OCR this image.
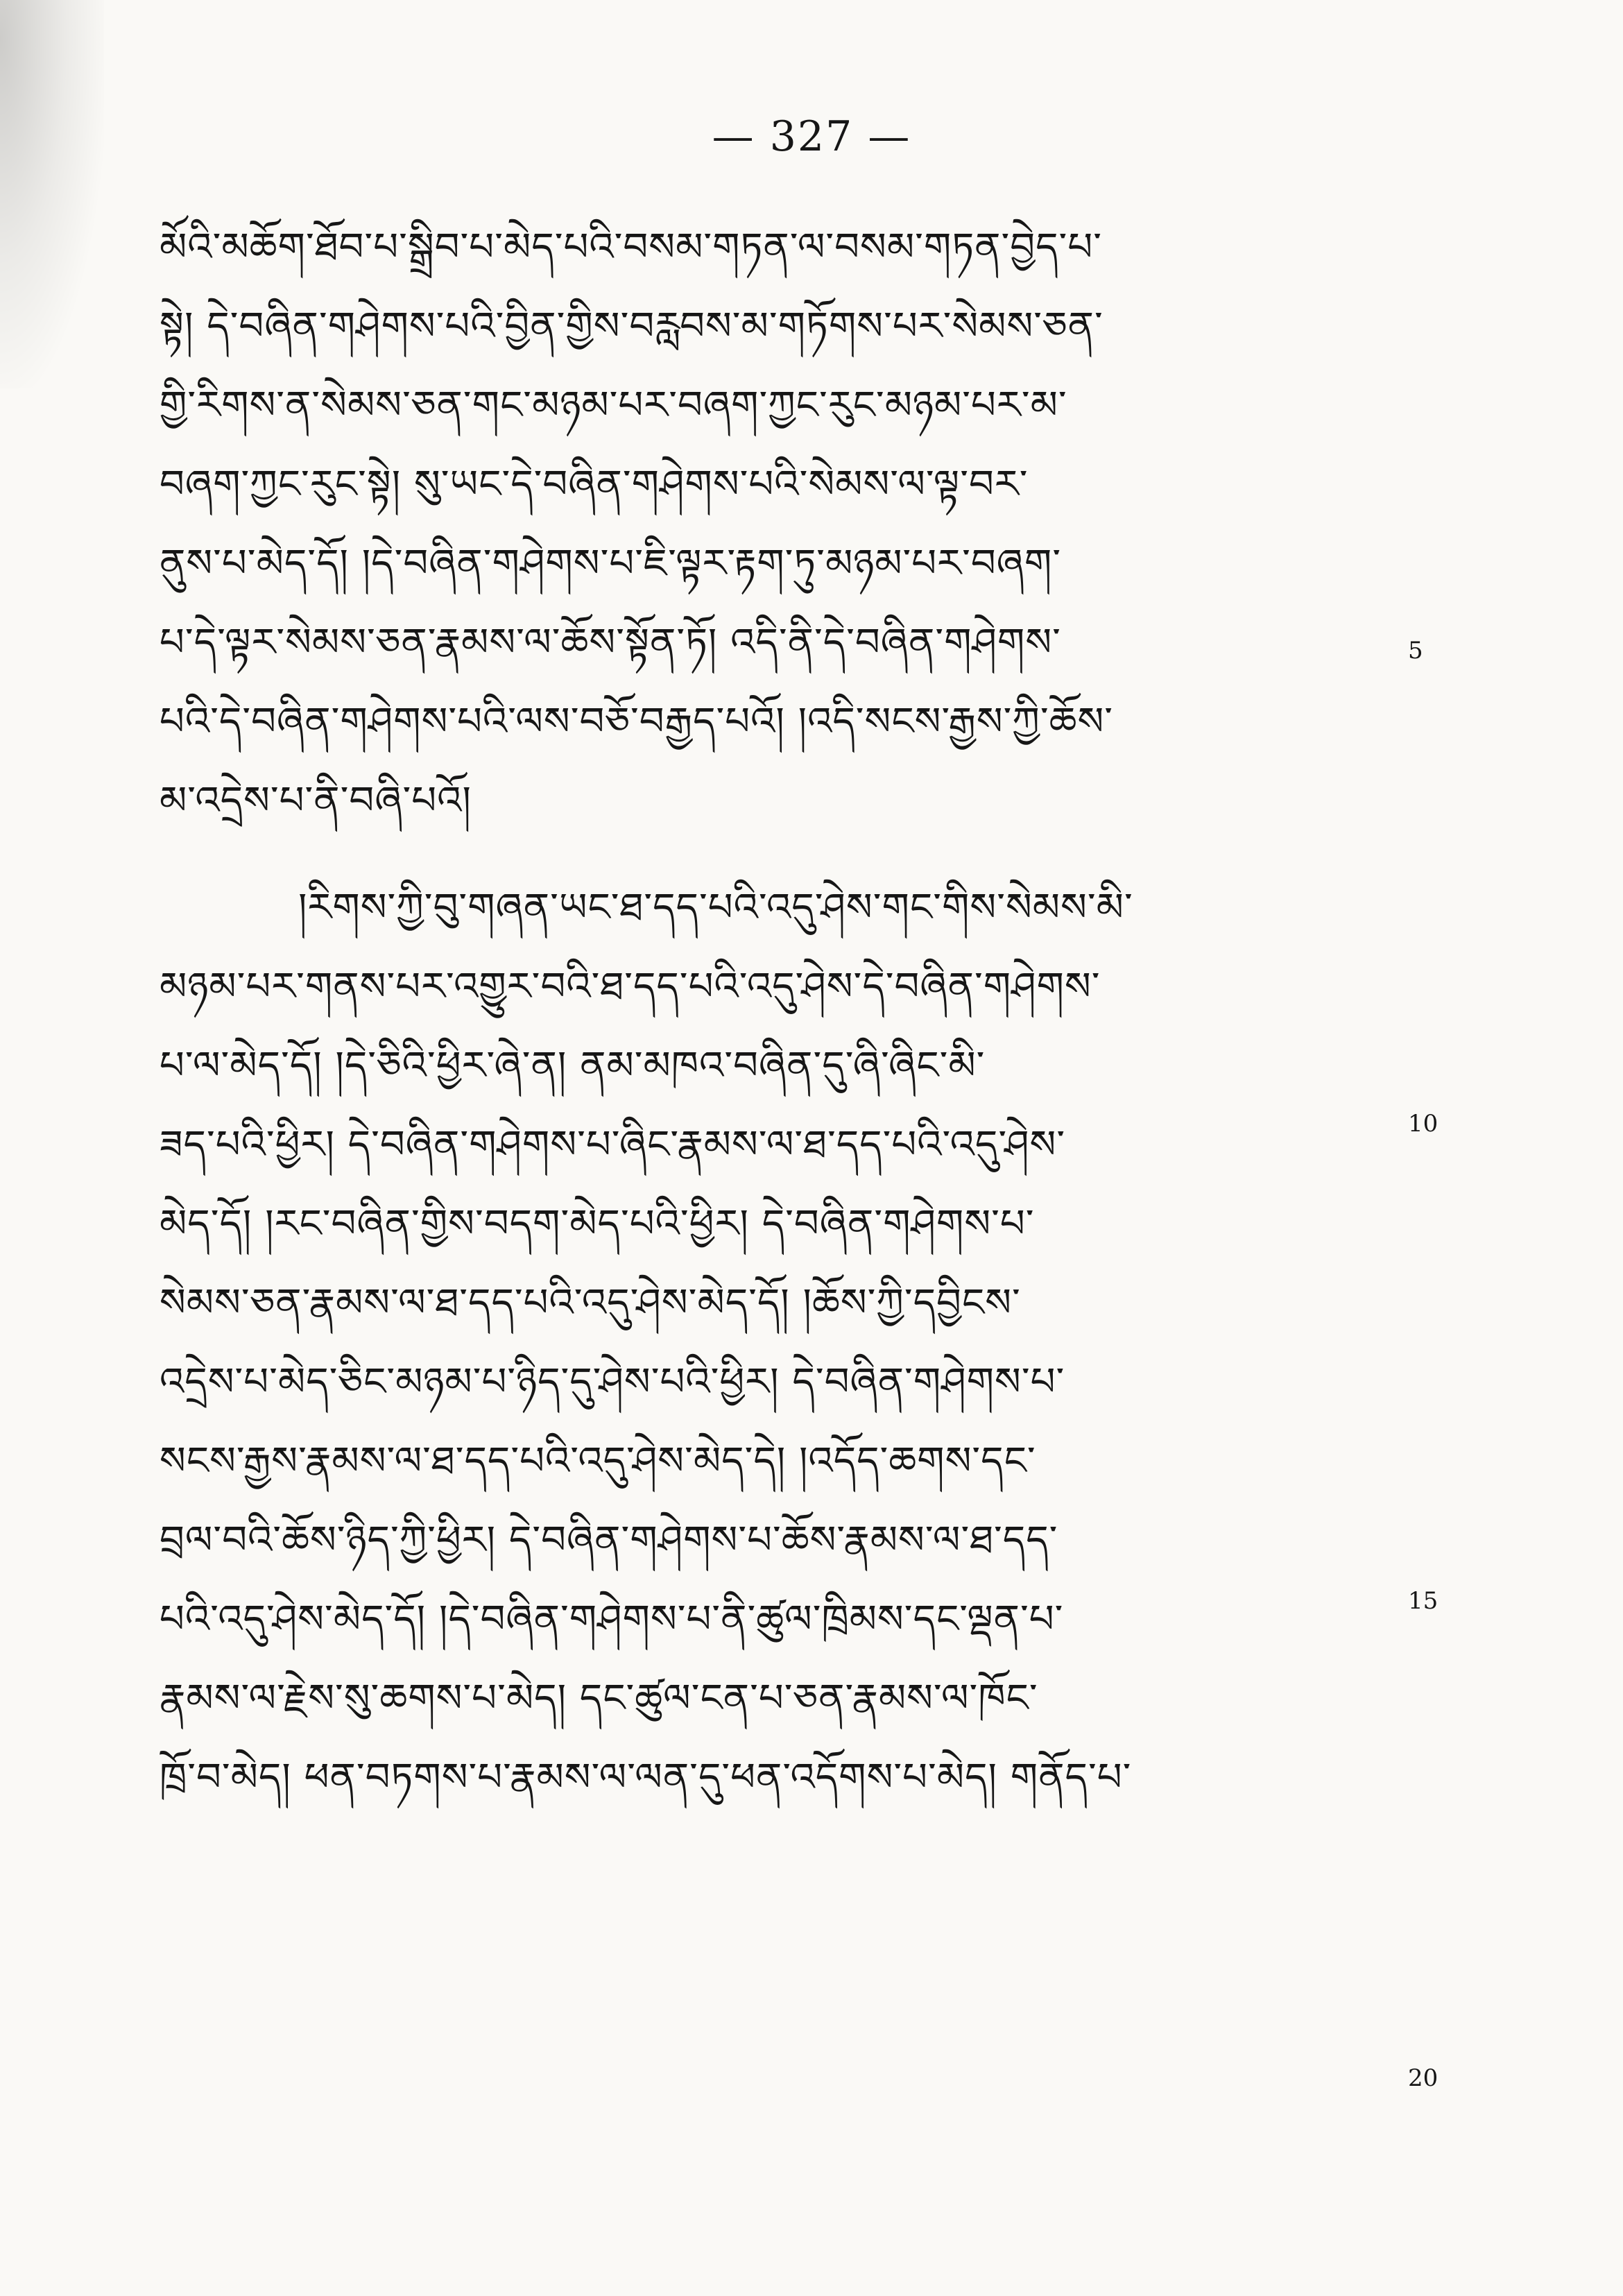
— 327 —
མོའི་མཆོག་ཐོབ་པ་སྒྲིབ་པ་མེད་པའི་བསམ་གཏན་ལ་བསམ་གཏན་བྱེད་པ་
སྟེ། དེ་བཞིན་གཤེགས་པའི་བྱིན་གྱིས་བརླབས་མ་གཏོགས་པར་སེམས་ཅན་
གྱི་རིགས་ན་སེམས་ཅན་གང་མཉམ་པར་བཞག་ཀྱང་རུང་མཉམ་པར་མ་
བཞག་ཀྱང་རུང་སྟེ། སུ་ཡང་དེ་བཞིན་གཤེགས་པའི་སེམས་ལ་ལྟ་བར་
ནུས་པ་མེད་དོ། །དེ་བཞིན་གཤེགས་པ་ཇི་ལྟར་རྟག་ཏུ་མཉམ་པར་བཞག་
པ་དེ་ལྟར་སེམས་ཅན་རྣམས་ལ་ཆོས་སྟོན་ཏོ། འདི་ནི་དེ་བཞིན་གཤེགས་
པའི་དེ་བཞིན་གཤེགས་པའི་ལས་བཅོ་བརྒྱད་པའོ། །འདི་སངས་རྒྱས་ཀྱི་ཆོས་
མ་འདྲེས་པ་ནི་བཞི་པའོ།
།རིགས་ཀྱི་བུ་གཞན་ཡང་ཐ་དད་པའི་འདུ་ཤེས་གང་གིས་སེམས་མི་
མཉམ་པར་གནས་པར་འགྱུར་བའི་ཐ་དད་པའི་འདུ་ཤེས་དེ་བཞིན་གཤེགས་
པ་ལ་མེད་དོ། །དེ་ཅིའི་ཕྱིར་ཞེ་ན། ནམ་མཁའ་བཞིན་དུ་ཞི་ཞིང་མི་
ཟད་པའི་ཕྱིར། དེ་བཞིན་གཤེགས་པ་ཞིང་རྣམས་ལ་ཐ་དད་པའི་འདུ་ཤེས་
མེད་དོ། །རང་བཞིན་གྱིས་བདག་མེད་པའི་ཕྱིར། དེ་བཞིན་གཤེགས་པ་
སེམས་ཅན་རྣམས་ལ་ཐ་དད་པའི་འདུ་ཤེས་མེད་དོ། །ཆོས་ཀྱི་དབྱིངས་
འདྲེས་པ་མེད་ཅིང་མཉམ་པ་ཉིད་དུ་ཤེས་པའི་ཕྱིར། དེ་བཞིན་གཤེགས་པ་
སངས་རྒྱས་རྣམས་ལ་ཐ་དད་པའི་འདུ་ཤེས་མེད་དེ། །འདོད་ཆགས་དང་
བྲལ་བའི་ཆོས་ཉིད་ཀྱི་ཕྱིར། དེ་བཞིན་གཤེགས་པ་ཆོས་རྣམས་ལ་ཐ་དད་
པའི་འདུ་ཤེས་མེད་དོ། །དེ་བཞིན་གཤེགས་པ་ནི་ཚུལ་ཁྲིམས་དང་ལྡན་པ་
རྣམས་ལ་རྗེས་སུ་ཆགས་པ་མེད། དང་ཚུལ་ངན་པ་ཅན་རྣམས་ལ་ཁོང་
ཁྲོ་བ་མེད། ཕན་བཏགས་པ་རྣམས་ལ་ལན་དུ་ཕན་འདོགས་པ་མེད། གནོད་པ་
5
10
15
20
